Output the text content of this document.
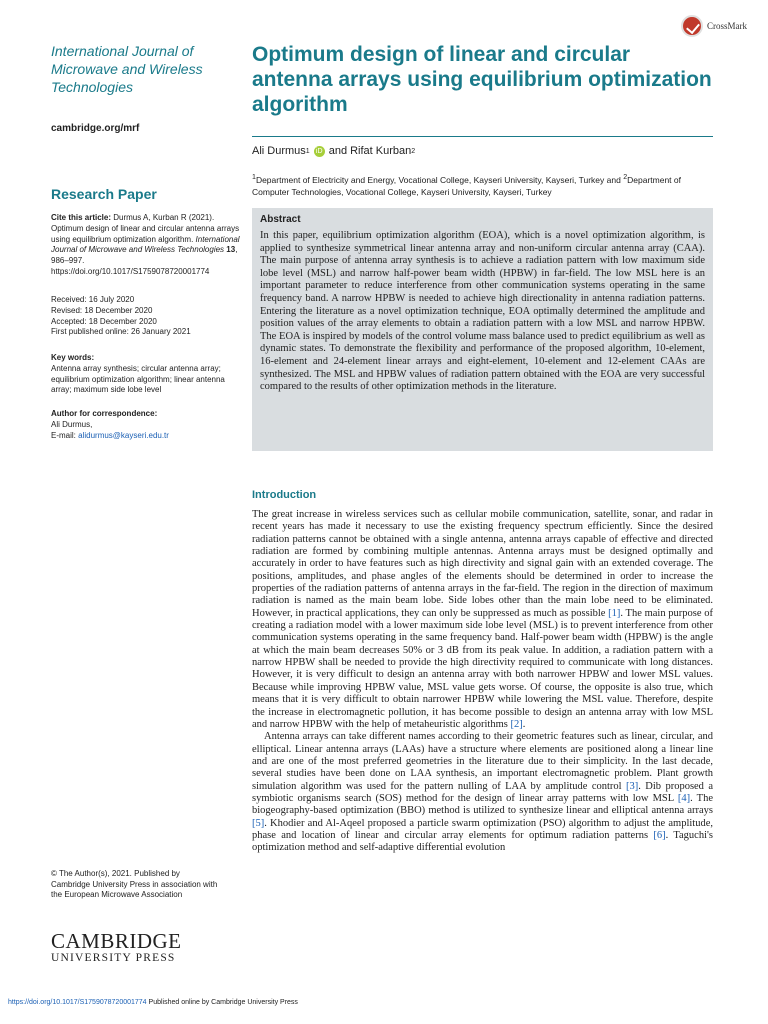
CrossMark
International Journal of Microwave and Wireless Technologies
cambridge.org/mrf
Research Paper
Cite this article: Durmus A, Kurban R (2021). Optimum design of linear and circular antenna arrays using equilibrium optimization algorithm. International Journal of Microwave and Wireless Technologies 13, 986–997. https://doi.org/10.1017/S1759078720001774
Received: 16 July 2020
Revised: 18 December 2020
Accepted: 18 December 2020
First published online: 26 January 2021
Key words:
Antenna array synthesis; circular antenna array; equilibrium optimization algorithm; linear antenna array; maximum side lobe level
Author for correspondence:
Ali Durmus,
E-mail: alidurmus@kayseri.edu.tr
© The Author(s), 2021. Published by Cambridge University Press in association with the European Microwave Association
CAMBRIDGE
UNIVERSITY PRESS
Optimum design of linear and circular antenna arrays using equilibrium optimization algorithm
Ali Durmus 1 iD and Rifat Kurban 2
$^1$Department of Electricity and Energy, Vocational College, Kayseri University, Kayseri, Turkey and $^2$Department of Computer Technologies, Vocational College, Kayseri University, Kayseri, Turkey
Abstract
In this paper, equilibrium optimization algorithm (EOA), which is a novel optimization algorithm, is applied to synthesize symmetrical linear antenna array and non-uniform circular antenna array (CAA). The main purpose of antenna array synthesis is to achieve a radiation pattern with low maximum side lobe level (MSL) and narrow half-power beam width (HPBW) in far-field. The low MSL here is an important parameter to reduce interference from other communication systems operating in the same frequency band. A narrow HPBW is needed to achieve high directionality in antenna radiation patterns. Entering the literature as a novel optimization technique, EOA optimally determined the amplitude and position values of the array elements to obtain a radiation pattern with a low MSL and narrow HPBW. The EOA is inspired by models of the control volume mass balance used to predict equilibrium as well as dynamic states. To demonstrate the flexibility and performance of the proposed algorithm, 10-element, 16-element and 24-element linear arrays and eight-element, 10-element and 12-element CAAs are synthesized. The MSL and HPBW values of radiation pattern obtained with the EOA are very successful compared to the results of other optimization methods in the literature.
Introduction

The great increase in wireless services such as cellular mobile communication, satellite, sonar, and radar in recent years has made it necessary to use the existing frequency spectrum efficiently. Since the desired radiation patterns cannot be obtained with a single antenna, antenna arrays capable of effective and directed radiation are formed by combining multiple antennas. Antenna arrays must be designed optimally and accurately in order to have features such as high directivity and signal gain with an extended coverage. The positions, amplitudes, and phase angles of the elements should be determined in order to increase the properties of the radiation patterns of antenna arrays in the far-field. The region in the direction of maximum radiation is named as the main beam lobe. Side lobes other than the main lobe need to be eliminated. However, in practical applications, they can only be suppressed as much as possible [1]. The main purpose of creating a radiation model with a lower maximum side lobe level (MSL) is to prevent interference from other communication systems operating in the same frequency band. Half-power beam width (HPBW) is the angle at which the main beam decreases 50% or 3 dB from its peak value. In addition, a radiation pattern with a narrow HPBW shall be needed to provide the high directivity required to communicate with long distances. However, it is very difficult to design an antenna array with both narrower HPBW and lower MSL values. Because while improving HPBW value, MSL value gets worse. Of course, the opposite is also true, which means that it is very difficult to obtain narrower HPBW while lowering the MSL value. Therefore, despite the increase in electromagnetic pollution, it has become possible to design an antenna array with low MSL and narrow HPBW with the help of metaheuristic algorithms [2].

Antenna arrays can take different names according to their geometric features such as linear, circular, and elliptical. Linear antenna arrays (LAAs) have a structure where elements are positioned along a linear line and are one of the most preferred geometries in the literature due to their simplicity. In the last decade, several studies have been done on LAA synthesis, an important electromagnetic problem. Plant growth simulation algorithm was used for the pattern nulling of LAA by amplitude control [3]. Dib proposed a symbiotic organisms search (SOS) method for the design of linear array patterns with low MSL [4]. The biogeography-based optimization (BBO) method is utilized to synthesize linear and elliptical antenna arrays [5]. Khodier and Al-Aqeel proposed a particle swarm optimization (PSO) algorithm to adjust the amplitude, phase and location of linear and circular array elements for optimum radiation patterns [6]. Taguchi's optimization method and self-adaptive differential evolution

https://doi.org/10.1017/S1759078720001774 Published online by Cambridge University Press
